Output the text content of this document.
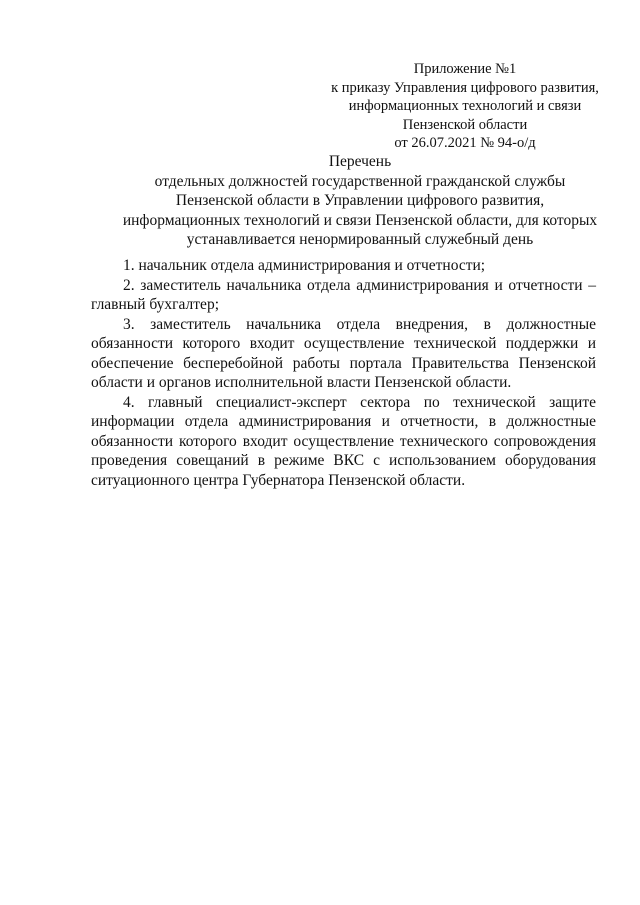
Приложение №1
к приказу Управления цифрового развития,
информационных технологий и связи
Пензенской области
от 26.07.2021 № 94-о/д
Перечень
отдельных должностей государственной гражданской службы
Пензенской области в Управлении цифрового развития,
информационных технологий и связи Пензенской области, для которых
устанавливается ненормированный служебный день

1. начальник отдела администрирования и отчетности;

2. заместитель начальника отдела администрирования и отчетности – главный бухгалтер;

3. заместитель начальника отдела внедрения, в должностные обязанности которого входит осуществление технической поддержки и обеспечение бесперебойной работы портала Правительства Пензенской области и органов исполнительной власти Пензенской области.

4. главный специалист-эксперт сектора по технической защите информации отдела администрирования и отчетности, в должностные обязанности которого входит осуществление технического сопровождения проведения совещаний в режиме ВКС с использованием оборудования ситуационного центра Губернатора Пензенской области.
